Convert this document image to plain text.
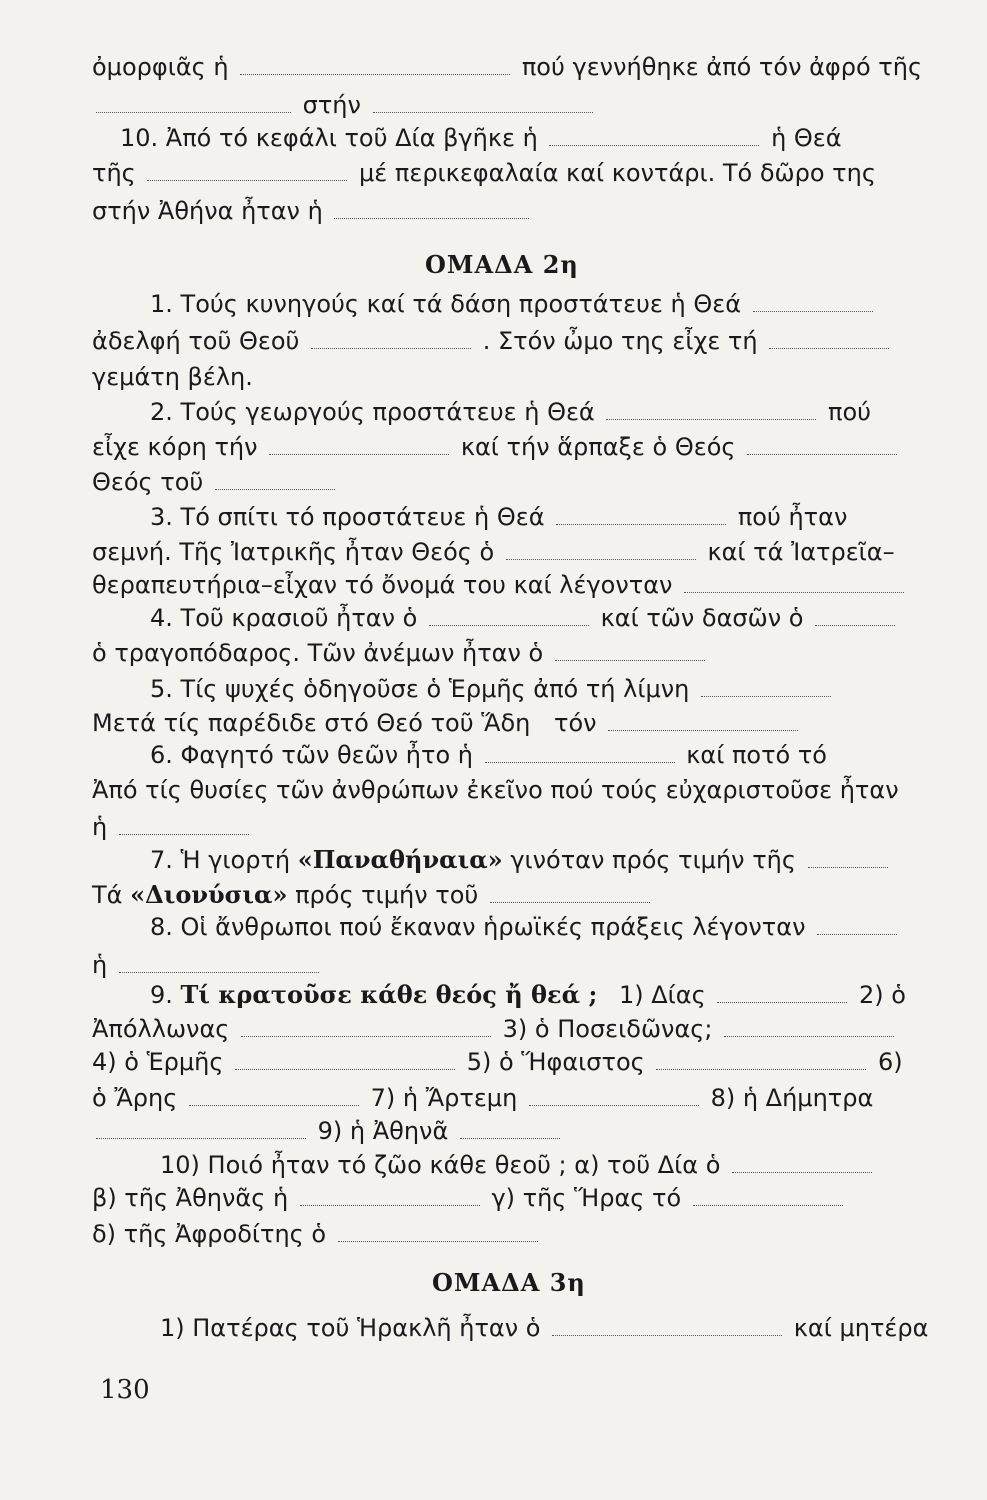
ὀμορφιᾶς ἡ	πού γεννήθηκε ἀπό τόν ἀφρό τῆς
στήν
10. Ἀπό τό κεφάλι τοῦ Δία βγῆκε ἡ	ἡ Θεά
τῆς	μέ περικεφαλαία καί κοντάρι. Τό δῶρο της
στήν Ἀθήνα ἦταν ἡ
ΟΜΑΔΑ 2η
1. Τούς κυνηγούς καί τά δάση προστάτευε ἡ Θεά
ἀδελφή τοῦ Θεοῦ	. Στόν ὦμο της εἶχε τή
γεμάτη βέλη.
2. Τούς γεωργούς προστάτευε ἡ Θεά	πού
εἶχε κόρη τήν	καί τήν ἅρπαξε ὁ Θεός
Θεός τοῦ
3. Τό σπίτι τό προστάτευε ἡ Θεά	πού ἦταν
σεμνή. Τῆς Ἰατρικῆς ἦταν Θεός ὁ	καί τά Ἰατρεῖα–
θεραπευτήρια–εἶχαν τό ὄνομά του καί λέγονταν
4. Τοῦ κρασιοῦ ἦταν ὁ	καί τῶν δασῶν ὁ
ὁ τραγοπόδαρος. Τῶν ἀνέμων ἦταν ὁ
5. Τίς ψυχές ὁδηγοῦσε ὁ Ἑρμῆς ἀπό τή λίμνη
Μετά τίς παρέδιδε στό Θεό τοῦ Ἅδη τόν
6. Φαγητό τῶν θεῶν ἦτο ἡ	καί ποτό τό
Ἀπό τίς θυσίες τῶν ἀνθρώπων ἐκεῖνο πού τούς εὐχαριστοῦσε ἦταν
ἡ
7. Ἡ γιορτή «Παναθήναια» γινόταν πρός τιμήν τῆς
Τά «Διονύσια» πρός τιμήν τοῦ
8. Οἱ ἄνθρωποι πού ἔκαναν ἡρωϊκές πράξεις λέγονταν
ἡ
9. Τί κρατοῦσε κάθε θεός ἤ θεά ; 1) Δίας	2) ὁ
Ἀπόλλωνας	3) ὁ Ποσειδῶνας;
4) ὁ Ἑρμῆς	5) ὁ Ἥφαιστος	6)
ὁ Ἄρης	7) ἡ Ἄρτεμη	8) ἡ Δήμητρα
9) ἡ Ἀθηνᾶ
10) Ποιό ἦταν τό ζῶο κάθε θεοῦ ; α) τοῦ Δία ὁ
β) τῆς Ἀθηνᾶς ἡ	γ) τῆς Ἥρας τό
δ) τῆς Ἀφροδίτης ὁ
ΟΜΑΔΑ 3η
1) Πατέρας τοῦ Ἡρακλῆ ἦταν ὁ	καί μητέρα
130
